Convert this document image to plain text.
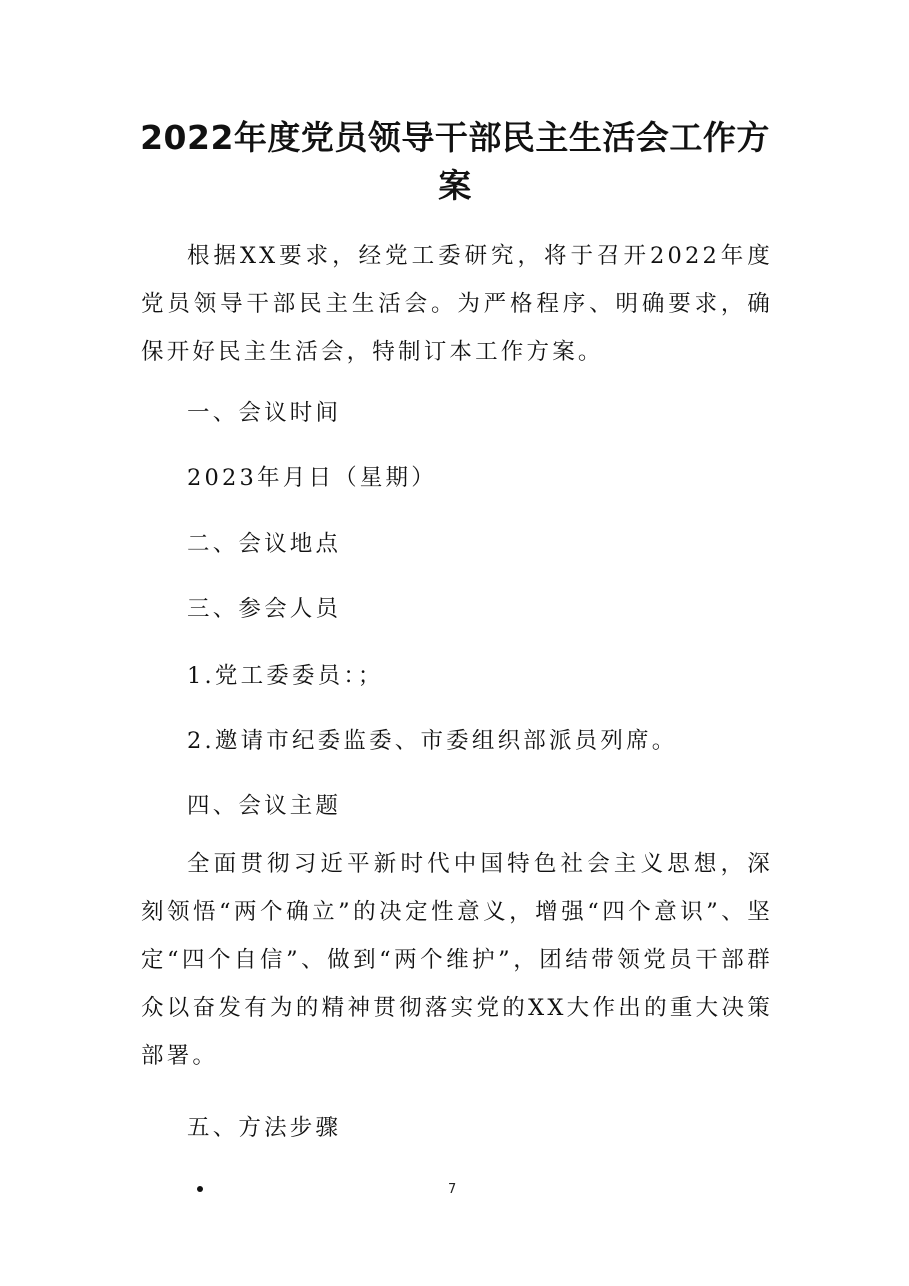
2022年度党员领导干部民主生活会工作方案

根据XX要求，经党工委研究，将于召开2022年度党员领导干部民主生活会。为严格程序、明确要求，确保开好民主生活会，特制订本工作方案。

一、会议时间
2023年月日（星期）
二、会议地点
三、参会人员
1.党工委委员：；
2.邀请市纪委监委、市委组织部派员列席。
四、会议主题

全面贯彻习近平新时代中国特色社会主义思想，深刻领悟“两个确立”的决定性意义，增强“四个意识”、坚定“四个自信”、做到“两个维护”，团结带领党员干部群众以奋发有为的精神贯彻落实党的XX大作出的重大决策部署。

五、方法步骤
7
